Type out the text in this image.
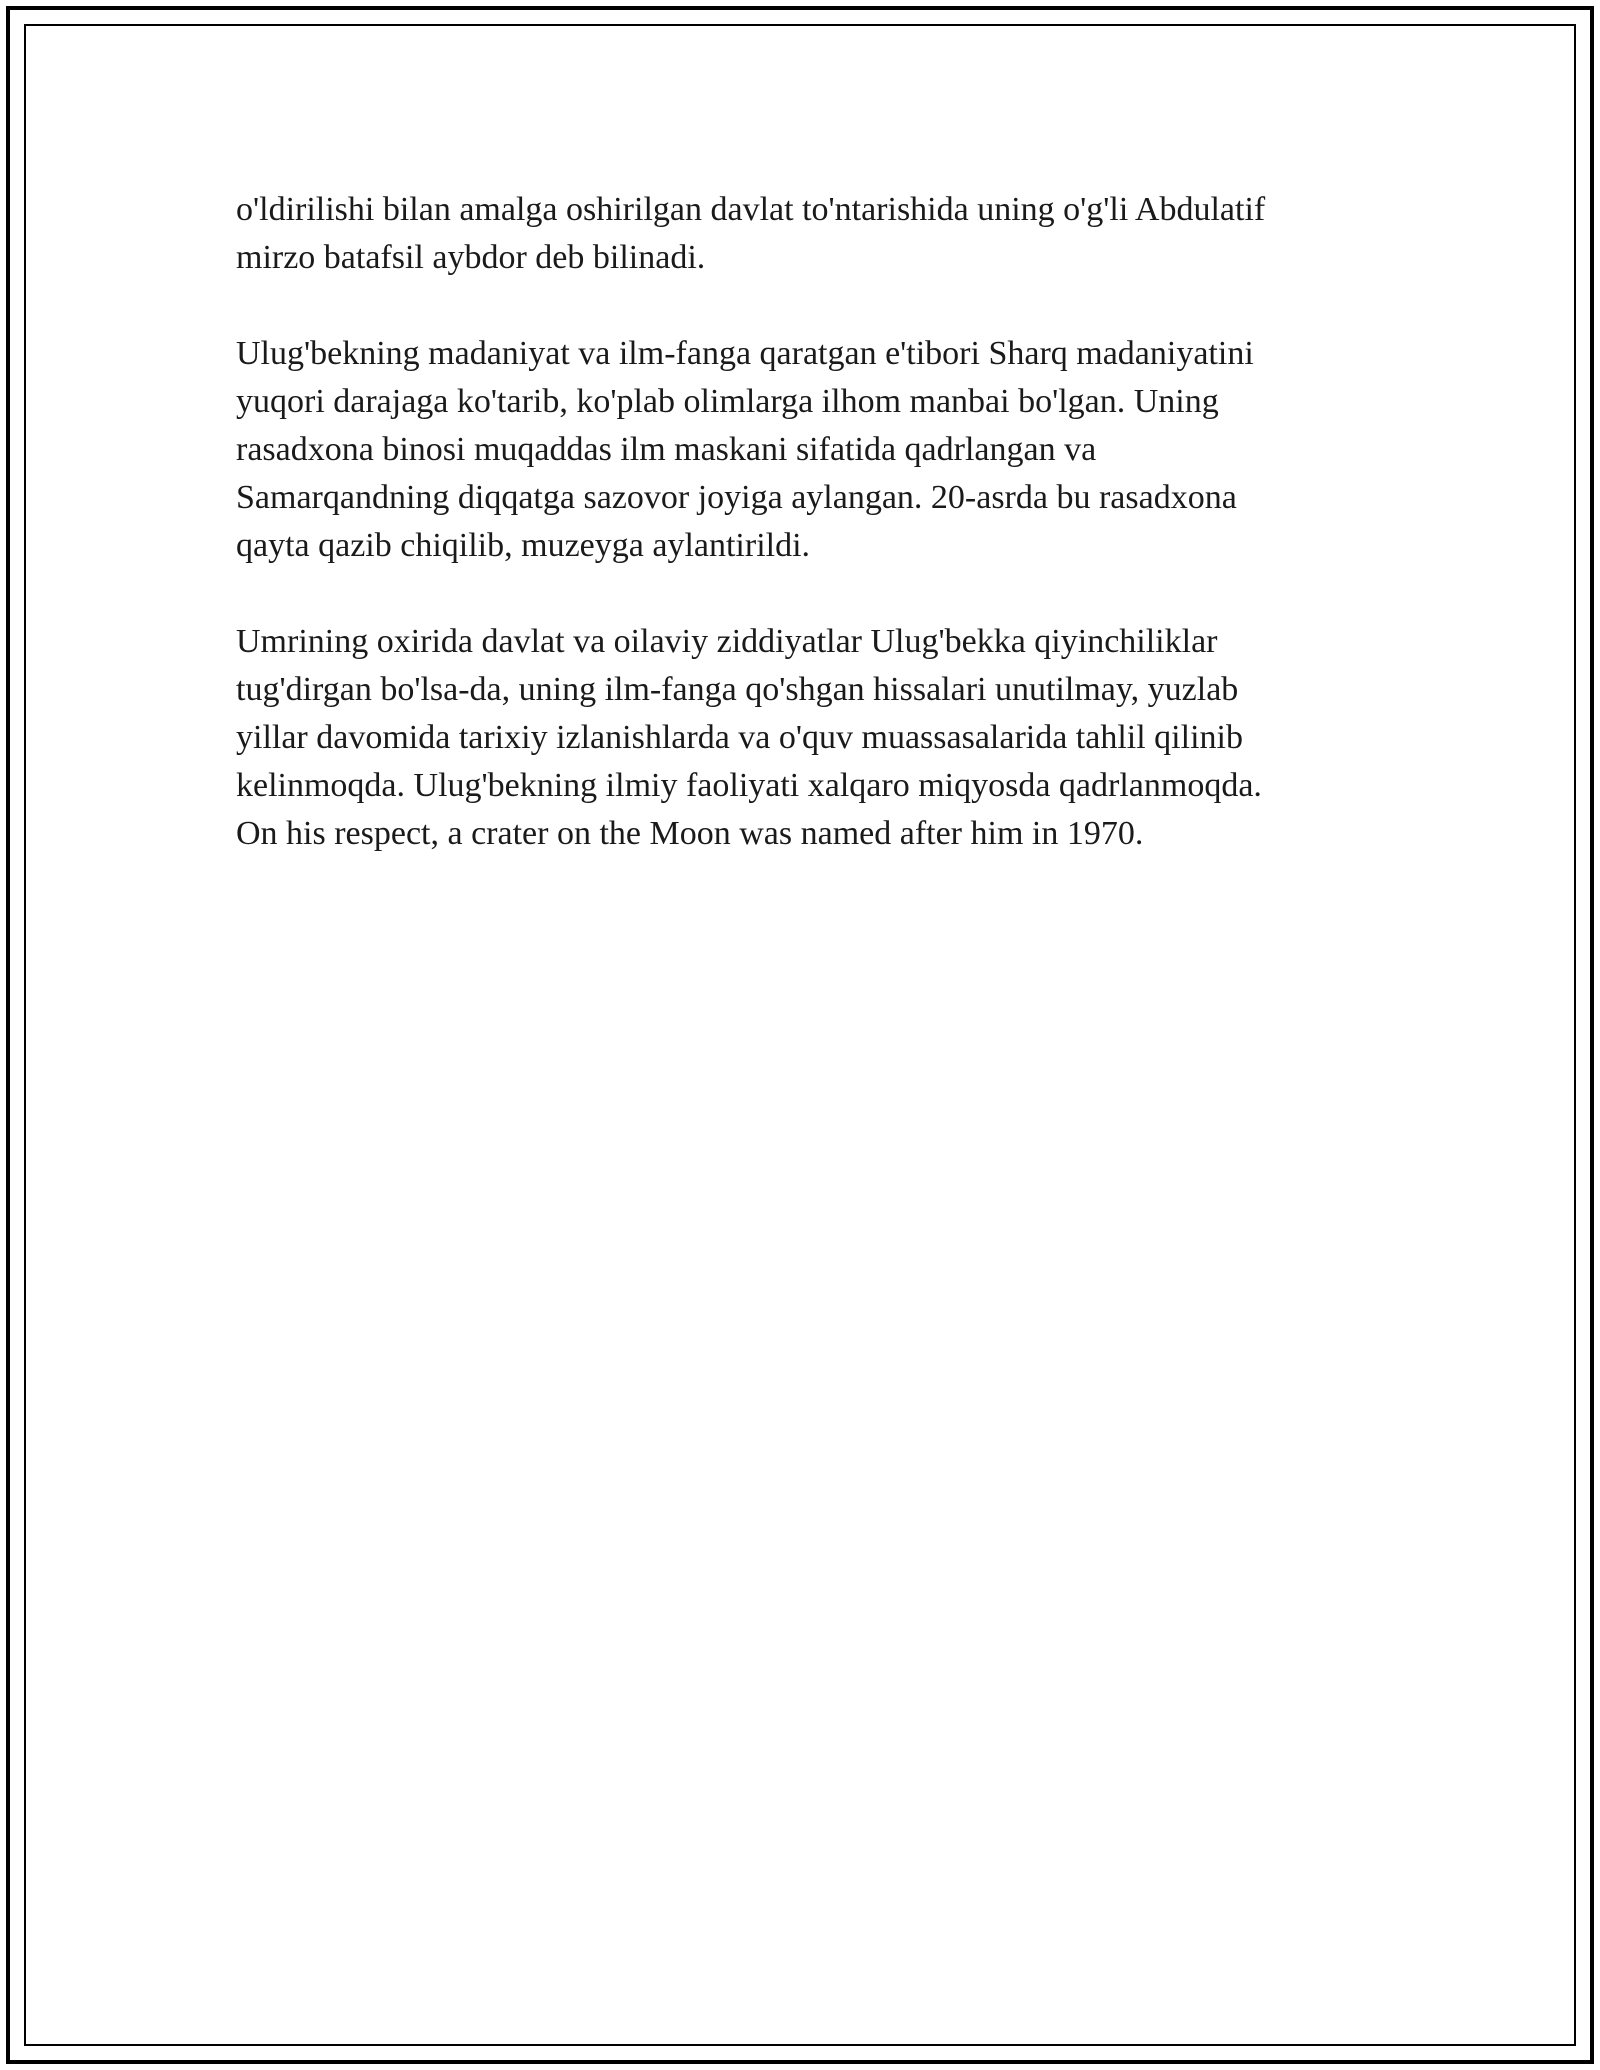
o'ldirilishi bilan amalga oshirilgan davlat to'ntarishida uning o'g'li Abdulatif
mirzo batafsil aybdor deb bilinadi.

Ulug'bekning madaniyat va ilm-fanga qaratgan e'tibori Sharq madaniyatini
yuqori darajaga ko'tarib, ko'plab olimlarga ilhom manbai bo'lgan. Uning
rasadxona binosi muqaddas ilm maskani sifatida qadrlangan va
Samarqandning diqqatga sazovor joyiga aylangan. 20-asrda bu rasadxona
qayta qazib chiqilib, muzeyga aylantirildi.

Umrining oxirida davlat va oilaviy ziddiyatlar Ulug'bekka qiyinchiliklar
tug'dirgan bo'lsa-da, uning ilm-fanga qo'shgan hissalari unutilmay, yuzlab
yillar davomida tarixiy izlanishlarda va o'quv muassasalarida tahlil qilinib
kelinmoqda. Ulug'bekning ilmiy faoliyati xalqaro miqyosda qadrlanmoqda.
On his respect, a crater on the Moon was named after him in 1970.
